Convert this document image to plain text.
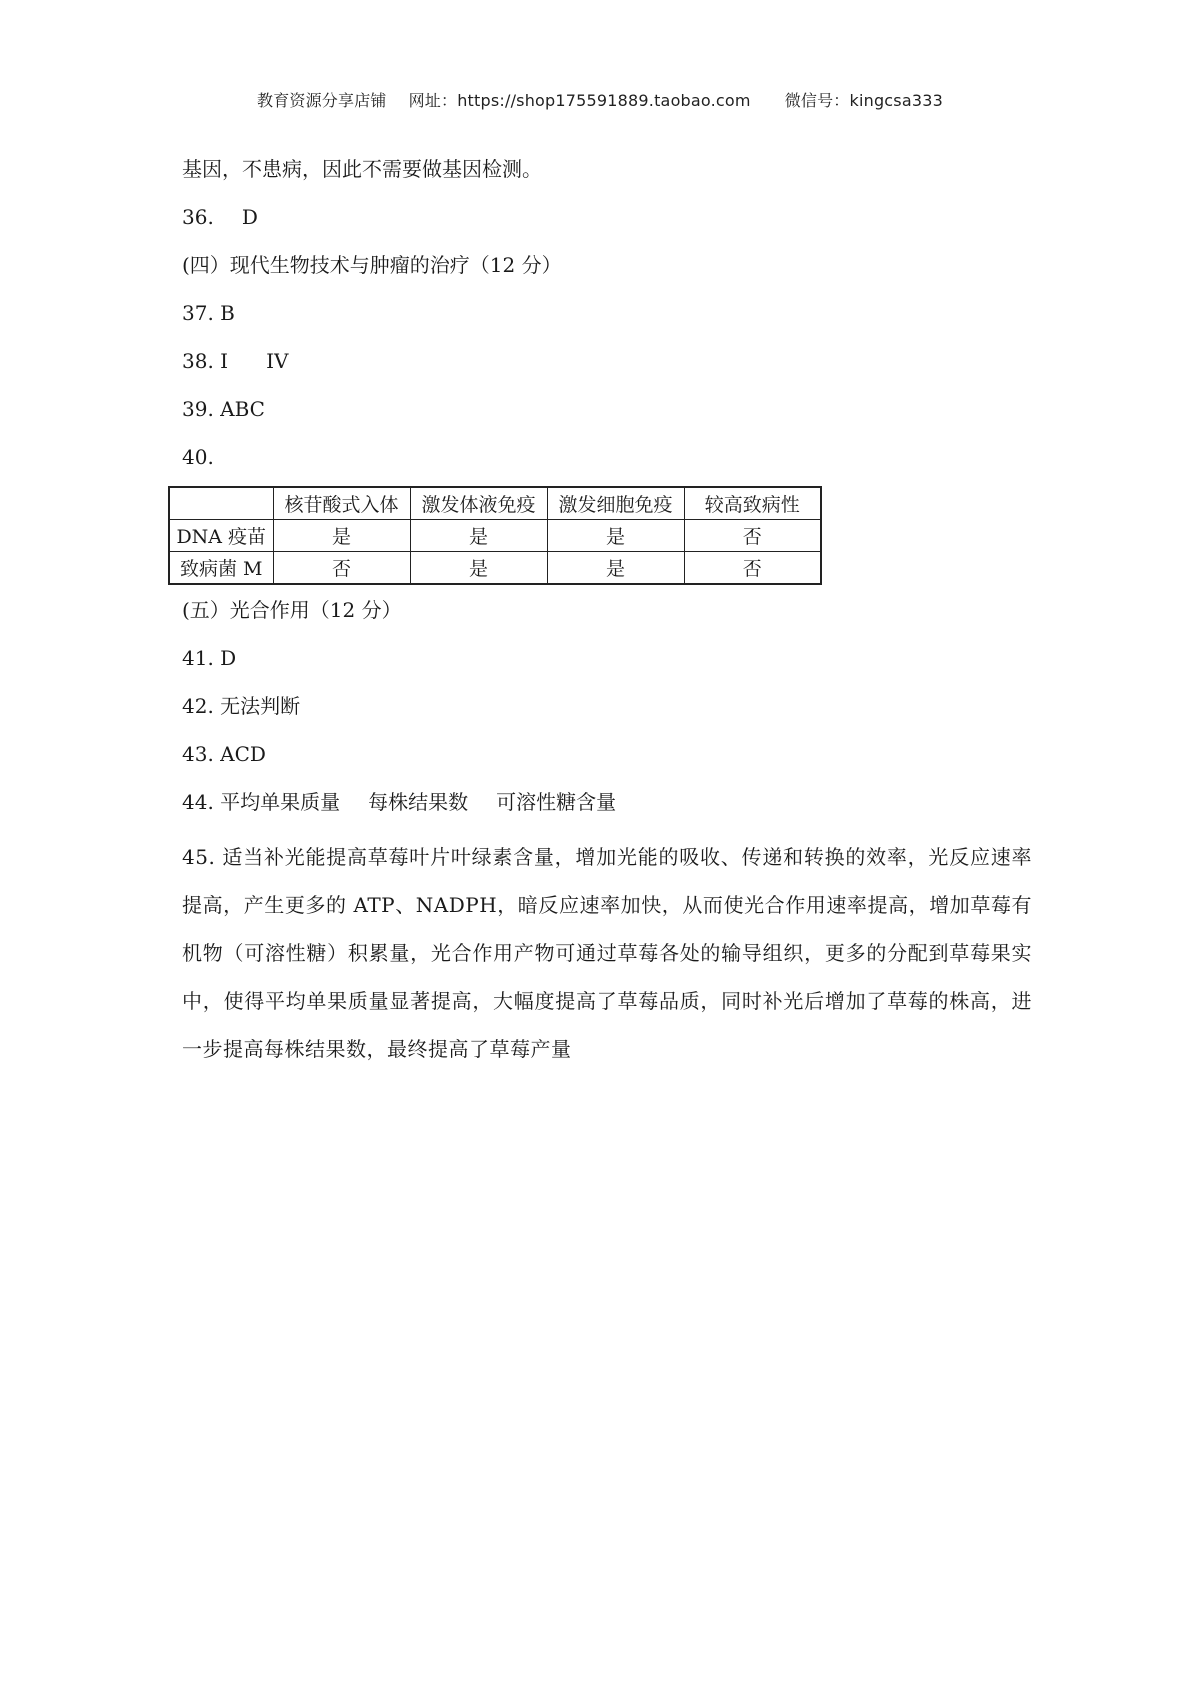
教育资源分享店铺 网址：https://shop175591889.taobao.com 微信号：kingcsa333
基因，不患病，因此不需要做基因检测。
36. D
(四）现代生物技术与肿瘤的治疗（12 分）
37. B
38. I IV
39. ABC
40.
	核苷酸式入体	激发体液免疫	激发细胞免疫	较高致病性
DNA 疫苗	是	是	是	否
致病菌 M	否	是	是	否
(五）光合作用（12 分）
41. D
42. 无法判断
43. ACD
44. 平均单果质量 每株结果数 可溶性糖含量
45. 适当补光能提高草莓叶片叶绿素含量，增加光能的吸收、传递和转换的效率，光反应速率提高，产生更多的 ATP、NADPH，暗反应速率加快，从而使光合作用速率提高，增加草莓有机物（可溶性糖）积累量，光合作用产物可通过草莓各处的输导组织，更多的分配到草莓果实中，使得平均单果质量显著提高，大幅度提高了草莓品质，同时补光后增加了草莓的株高，进一步提高每株结果数，最终提高了草莓产量
